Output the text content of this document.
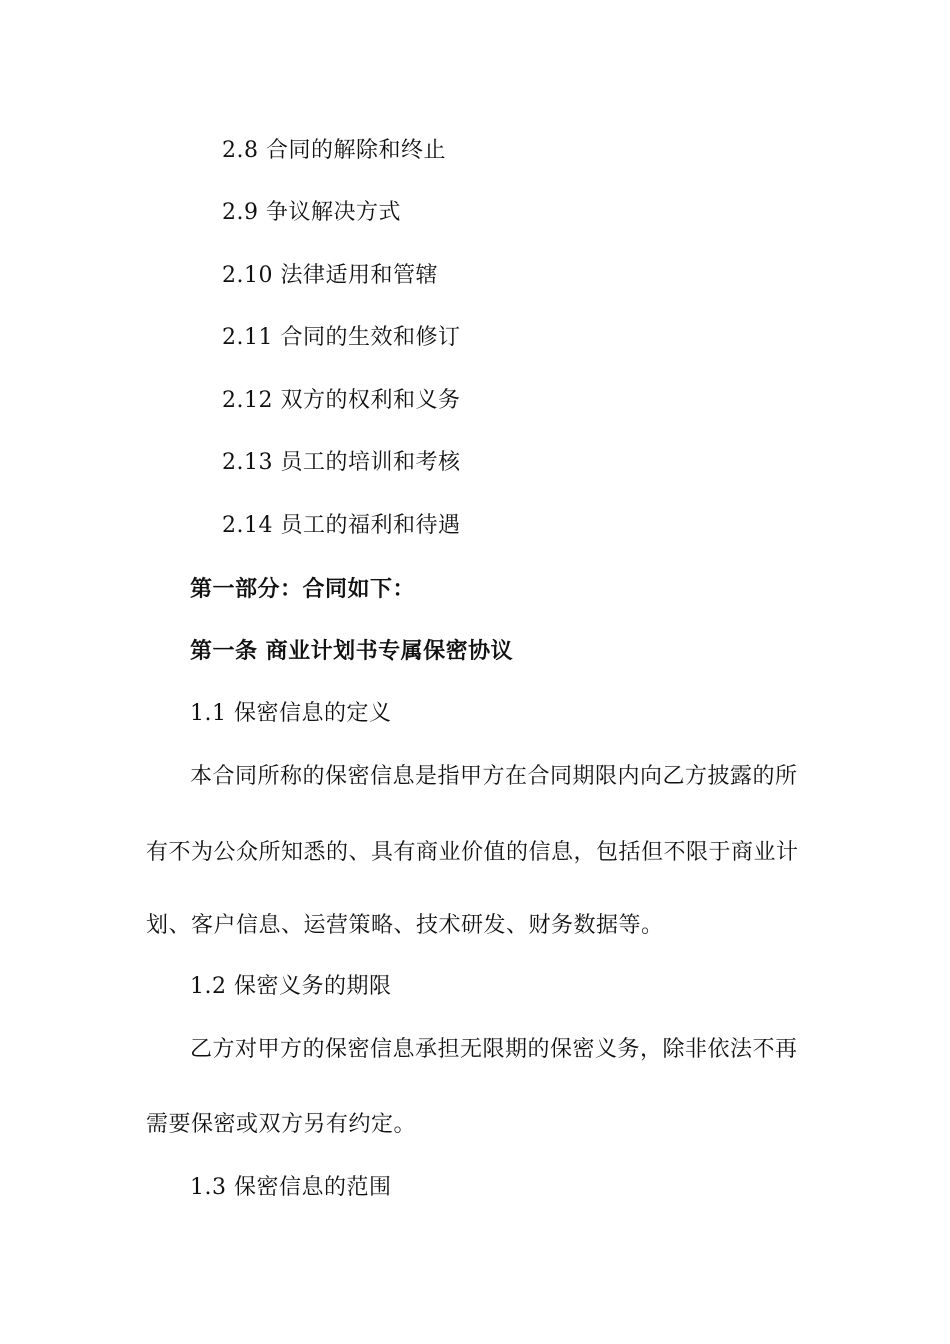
2.8 合同的解除和终止
2.9 争议解决方式
2.10 法律适用和管辖
2.11 合同的生效和修订
2.12 双方的权利和义务
2.13 员工的培训和考核
2.14 员工的福利和待遇
第一部分：合同如下：
第一条 商业计划书专属保密协议
1.1 保密信息的定义
本合同所称的保密信息是指甲方在合同期限内向乙方披露的所
有不为公众所知悉的、具有商业价值的信息，包括但不限于商业计
划、客户信息、运营策略、技术研发、财务数据等。
1.2 保密义务的期限
乙方对甲方的保密信息承担无限期的保密义务，除非依法不再
需要保密或双方另有约定。
1.3 保密信息的范围
